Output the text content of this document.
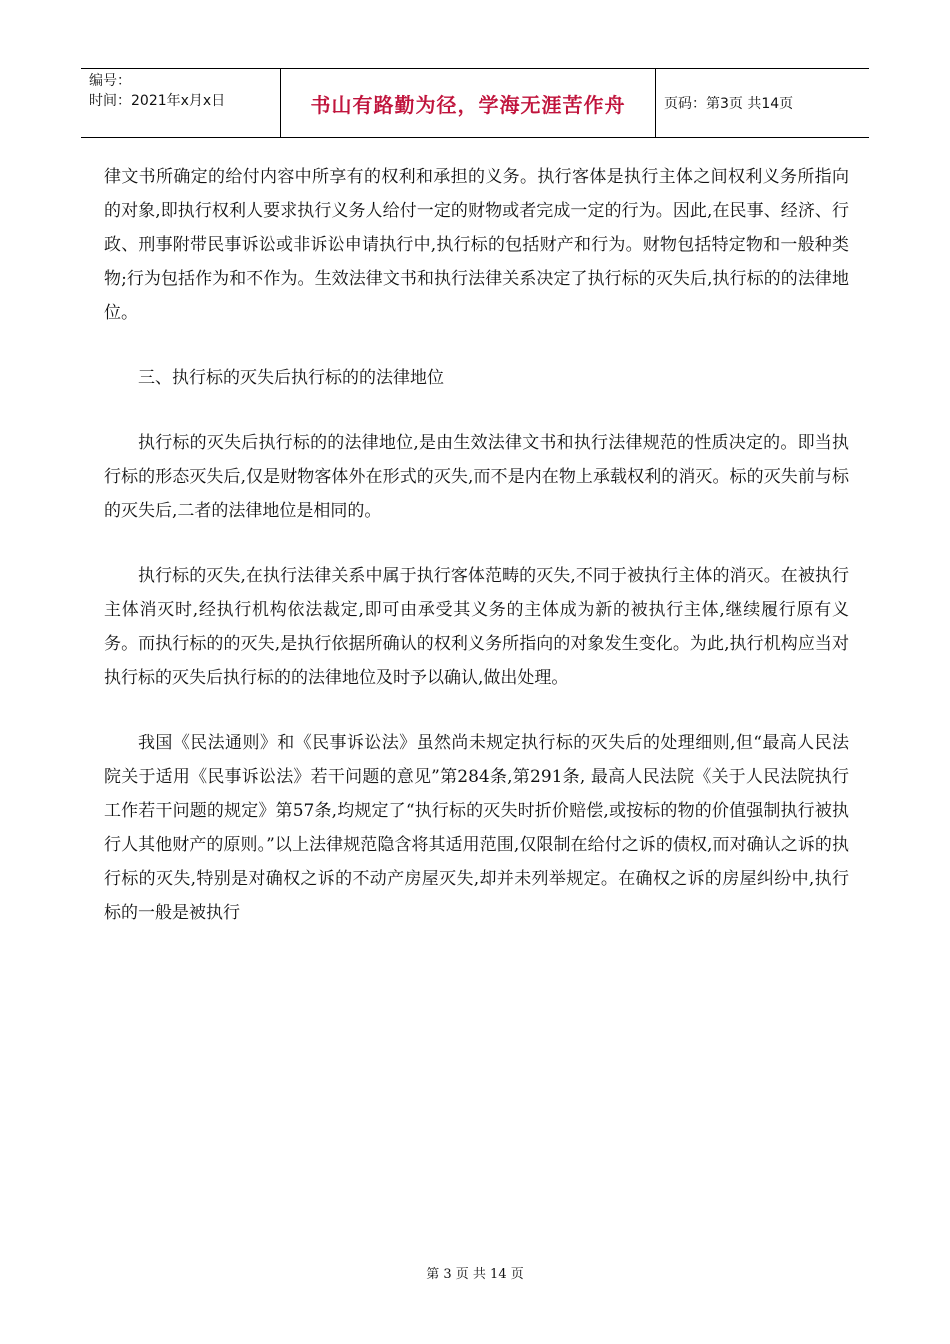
编号：
时间：2021年x月x日	书山有路勤为径，学海无涯苦作舟	页码：第3页 共14页

律文书所确定的给付内容中所享有的权利和承担的义务。执行客体是执行主体之间权利义务所指向的对象,即执行权利人要求执行义务人给付一定的财物或者完成一定的行为。因此,在民事、经济、行政、刑事附带民事诉讼或非诉讼申请执行中,执行标的包括财产和行为。财物包括特定物和一般种类物;行为包括作为和不作为。生效法律文书和执行法律关系决定了执行标的灭失后,执行标的的法律地位。

三、执行标的灭失后执行标的的法律地位

执行标的灭失后执行标的的法律地位,是由生效法律文书和执行法律规范的性质决定的。即当执行标的形态灭失后,仅是财物客体外在形式的灭失,而不是内在物上承载权利的消灭。标的灭失前与标的灭失后,二者的法律地位是相同的。

执行标的灭失,在执行法律关系中属于执行客体范畴的灭失,不同于被执行主体的消灭。在被执行主体消灭时,经执行机构依法裁定,即可由承受其义务的主体成为新的被执行主体,继续履行原有义务。而执行标的的灭失,是执行依据所确认的权利义务所指向的对象发生变化。为此,执行机构应当对执行标的灭失后执行标的的法律地位及时予以确认,做出处理。

我国《民法通则》和《民事诉讼法》虽然尚未规定执行标的灭失后的处理细则,但“最高人民法院关于适用《民事诉讼法》若干问题的意见”第284条,第291条, 最高人民法院《关于人民法院执行工作若干问题的规定》第57条,均规定了“执行标的灭失时折价赔偿,或按标的物的价值强制执行被执行人其他财产的原则。”以上法律规范隐含将其适用范围,仅限制在给付之诉的债权,而对确认之诉的执行标的灭失,特别是对确权之诉的不动产房屋灭失,却并未列举规定。在确权之诉的房屋纠纷中,执行标的一般是被执行

第 3 页 共 14 页
